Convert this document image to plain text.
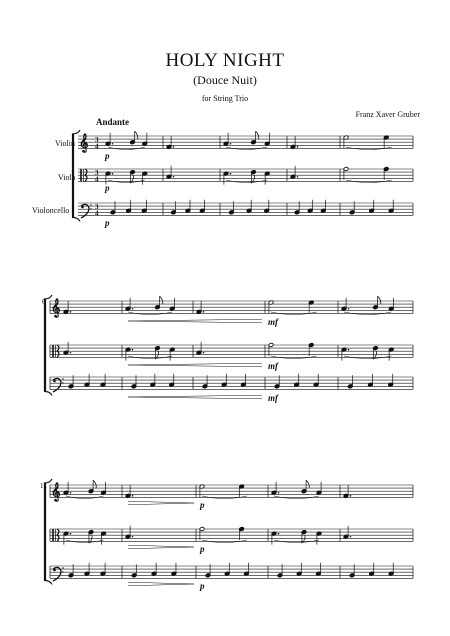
HOLY NIGHT
(Douce Nuit)
for String Trio
Franz Xaver Gruber
Andante
Violin
Viola
Violoncello
6
11
𝄞 3
4
3
4
3
4
p
p
p
𝄞
mf
mf
mf
𝄞
p
p
p
